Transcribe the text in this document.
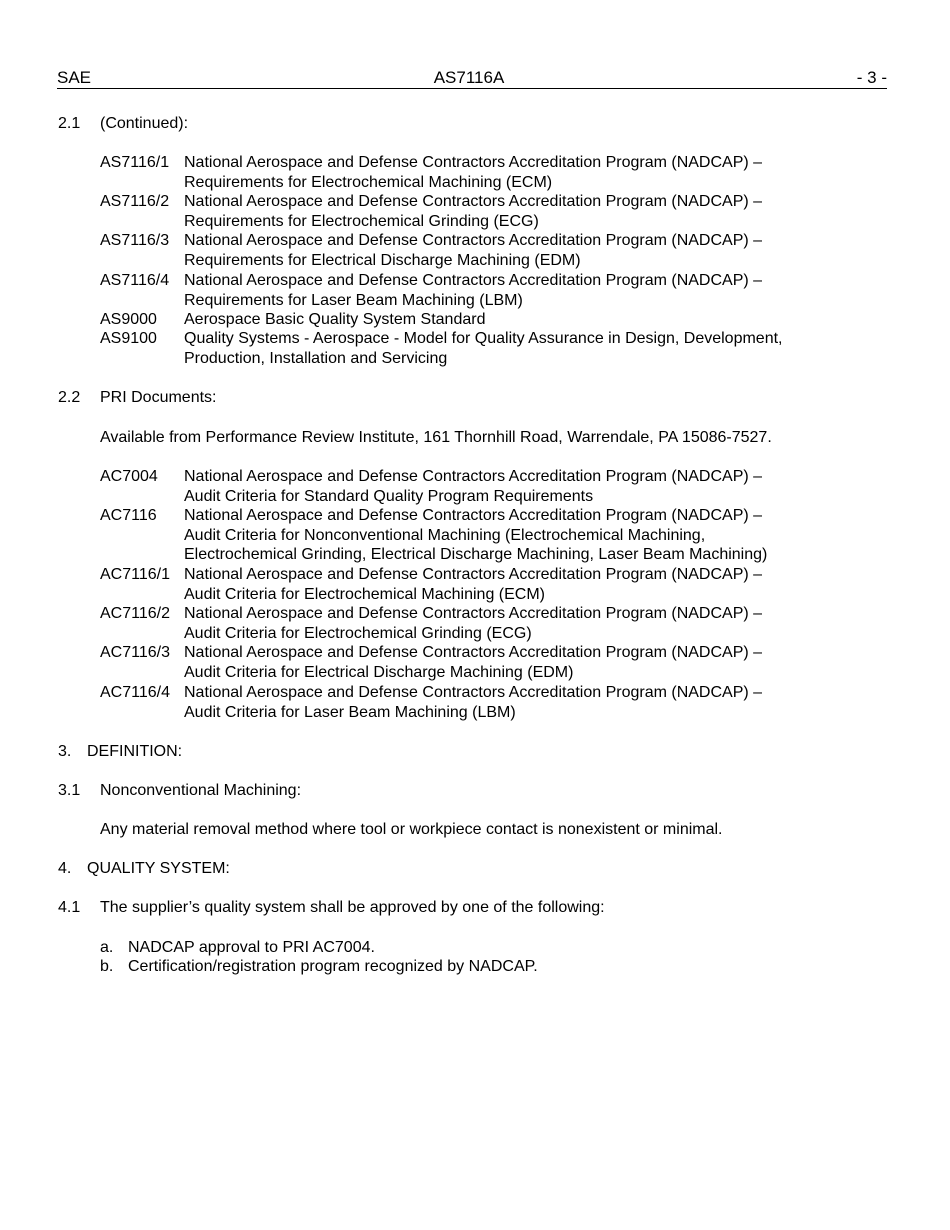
SAE	AS7116A	- 3 -
2.1 (Continued):
AS7116/1 National Aerospace and Defense Contractors Accreditation Program (NADCAP) –
Requirements for Electrochemical Machining (ECM)
AS7116/2 National Aerospace and Defense Contractors Accreditation Program (NADCAP) –
Requirements for Electrochemical Grinding (ECG)
AS7116/3 National Aerospace and Defense Contractors Accreditation Program (NADCAP) –
Requirements for Electrical Discharge Machining (EDM)
AS7116/4 National Aerospace and Defense Contractors Accreditation Program (NADCAP) –
Requirements for Laser Beam Machining (LBM)
AS9000	Aerospace Basic Quality System Standard
AS9100	Quality Systems - Aerospace - Model for Quality Assurance in Design, Development,
Production, Installation and Servicing
2.2 PRI Documents:
Available from Performance Review Institute, 161 Thornhill Road, Warrendale, PA 15086-7527.
AC7004	National Aerospace and Defense Contractors Accreditation Program (NADCAP) –
Audit Criteria for Standard Quality Program Requirements
AC7116	National Aerospace and Defense Contractors Accreditation Program (NADCAP) –
Audit Criteria for Nonconventional Machining (Electrochemical Machining,
Electrochemical Grinding, Electrical Discharge Machining, Laser Beam Machining)
AC7116/1 National Aerospace and Defense Contractors Accreditation Program (NADCAP) –
Audit Criteria for Electrochemical Machining (ECM)
AC7116/2 National Aerospace and Defense Contractors Accreditation Program (NADCAP) –
Audit Criteria for Electrochemical Grinding (ECG)
AC7116/3 National Aerospace and Defense Contractors Accreditation Program (NADCAP) –
Audit Criteria for Electrical Discharge Machining (EDM)
AC7116/4 National Aerospace and Defense Contractors Accreditation Program (NADCAP) –
Audit Criteria for Laser Beam Machining (LBM)
3. DEFINITION:
3.1 Nonconventional Machining:
Any material removal method where tool or workpiece contact is nonexistent or minimal.
4. QUALITY SYSTEM:
4.1 The supplier’s quality system shall be approved by one of the following:
a. NADCAP approval to PRI AC7004.
b. Certification/registration program recognized by NADCAP.
